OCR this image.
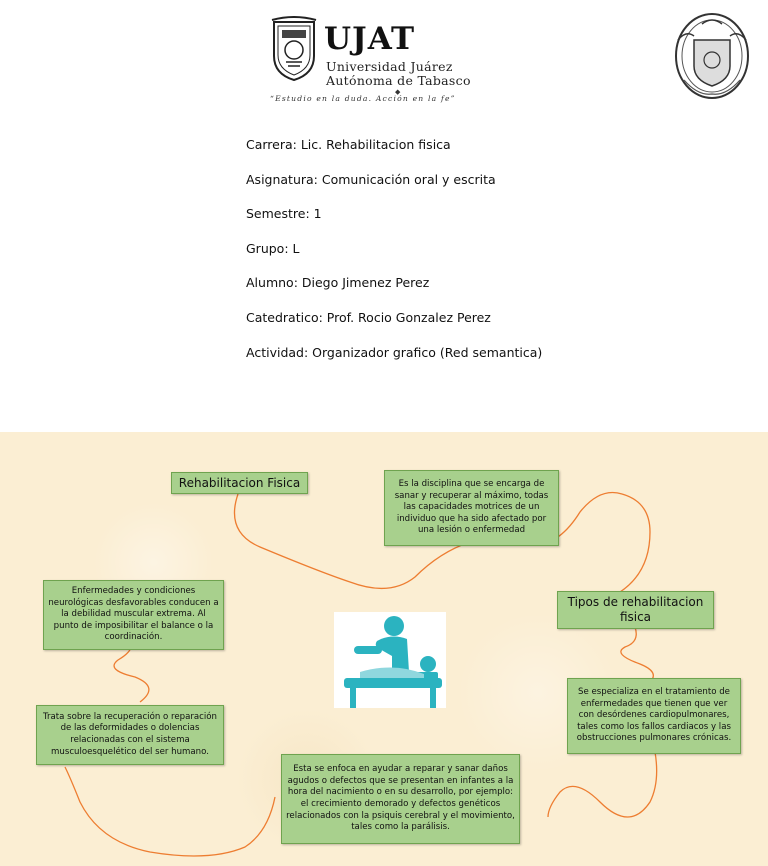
UJAT
Universidad Juárez
Autónoma de Tabasco
◆
“Estudio en la duda. Acción en la fe”
Carrera: Lic. Rehabilitacion fisica
Asignatura: Comunicación oral y escrita
Semestre: 1
Grupo: L
Alumno: Diego Jimenez Perez
Catedratico: Prof. Rocio Gonzalez Perez
Actividad: Organizador grafico (Red semantica)
Rehabilitacion Fisica	Es la disciplina que se encarga de sanar y recuperar al máximo, todas las capacidades motrices de un individuo que ha sido afectado por una lesión o enfermedad
Tipos de rehabilitacion fisica
Enfermedades y condiciones neurológicas desfavorables conducen a la debilidad muscular extrema. Al punto de imposibilitar el balance o la coordinación.
Se especializa en el tratamiento de enfermedades que tienen que ver con desórdenes cardiopulmonares, tales como los fallos cardiacos y las obstrucciones pulmonares crónicas.
Trata sobre la recuperación o reparación de las deformidades o dolencias relacionadas con el sistema musculoesquelético del ser humano.
Esta se enfoca en ayudar a reparar y sanar daños agudos o defectos que se presentan en infantes a la hora del nacimiento o en su desarrollo, por ejemplo: el crecimiento demorado y defectos genéticos relacionados con la psiquis cerebral y el movimiento, tales como la parálisis.
